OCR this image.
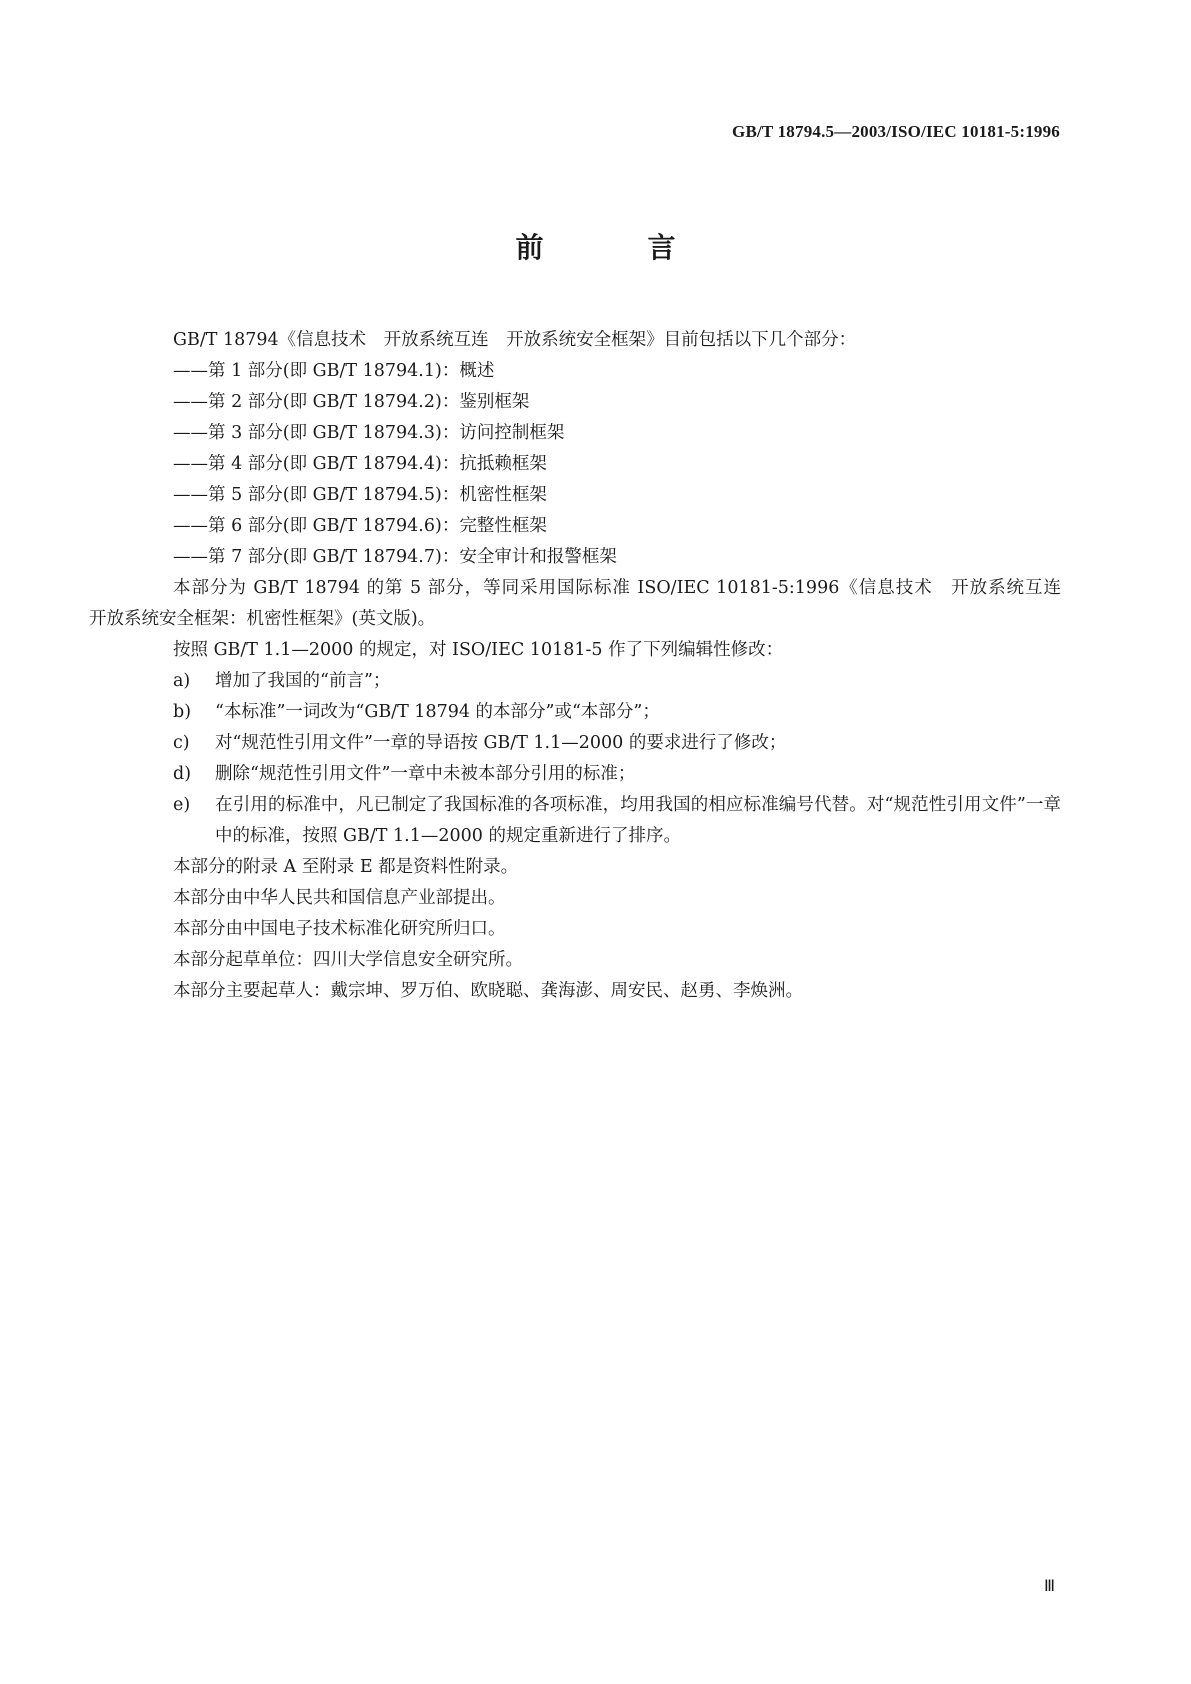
GB/T 18794.5—2003/ISO/IEC 10181-5:1996
前　言

GB/T 18794《信息技术　开放系统互连　开放系统安全框架》目前包括以下几个部分：

——第 1 部分(即 GB/T 18794.1)：概述

——第 2 部分(即 GB/T 18794.2)：鉴别框架

——第 3 部分(即 GB/T 18794.3)：访问控制框架

——第 4 部分(即 GB/T 18794.4)：抗抵赖框架

——第 5 部分(即 GB/T 18794.5)：机密性框架

——第 6 部分(即 GB/T 18794.6)：完整性框架

——第 7 部分(即 GB/T 18794.7)：安全审计和报警框架

本部分为 GB/T 18794 的第 5 部分，等同采用国际标准 ISO/IEC 10181-5:1996《信息技术　开放系统互连　开放系统安全框架：机密性框架》(英文版)。

按照 GB/T 1.1—2000 的规定，对 ISO/IEC 10181-5 作了下列编辑性修改：

a) 增加了我国的“前言”；

b) “本标准”一词改为“GB/T 18794 的本部分”或“本部分”；

c) 对“规范性引用文件”一章的导语按 GB/T 1.1—2000 的要求进行了修改；

d) 删除“规范性引用文件”一章中未被本部分引用的标准；

e) 在引用的标准中，凡已制定了我国标准的各项标准，均用我国的相应标准编号代替。对“规范性引用文件”一章中的标准，按照 GB/T 1.1—2000 的规定重新进行了排序。

本部分的附录 A 至附录 E 都是资料性附录。

本部分由中华人民共和国信息产业部提出。

本部分由中国电子技术标准化研究所归口。

本部分起草单位：四川大学信息安全研究所。

本部分主要起草人：戴宗坤、罗万伯、欧晓聪、龚海澎、周安民、赵勇、李焕洲。

Ⅲ
